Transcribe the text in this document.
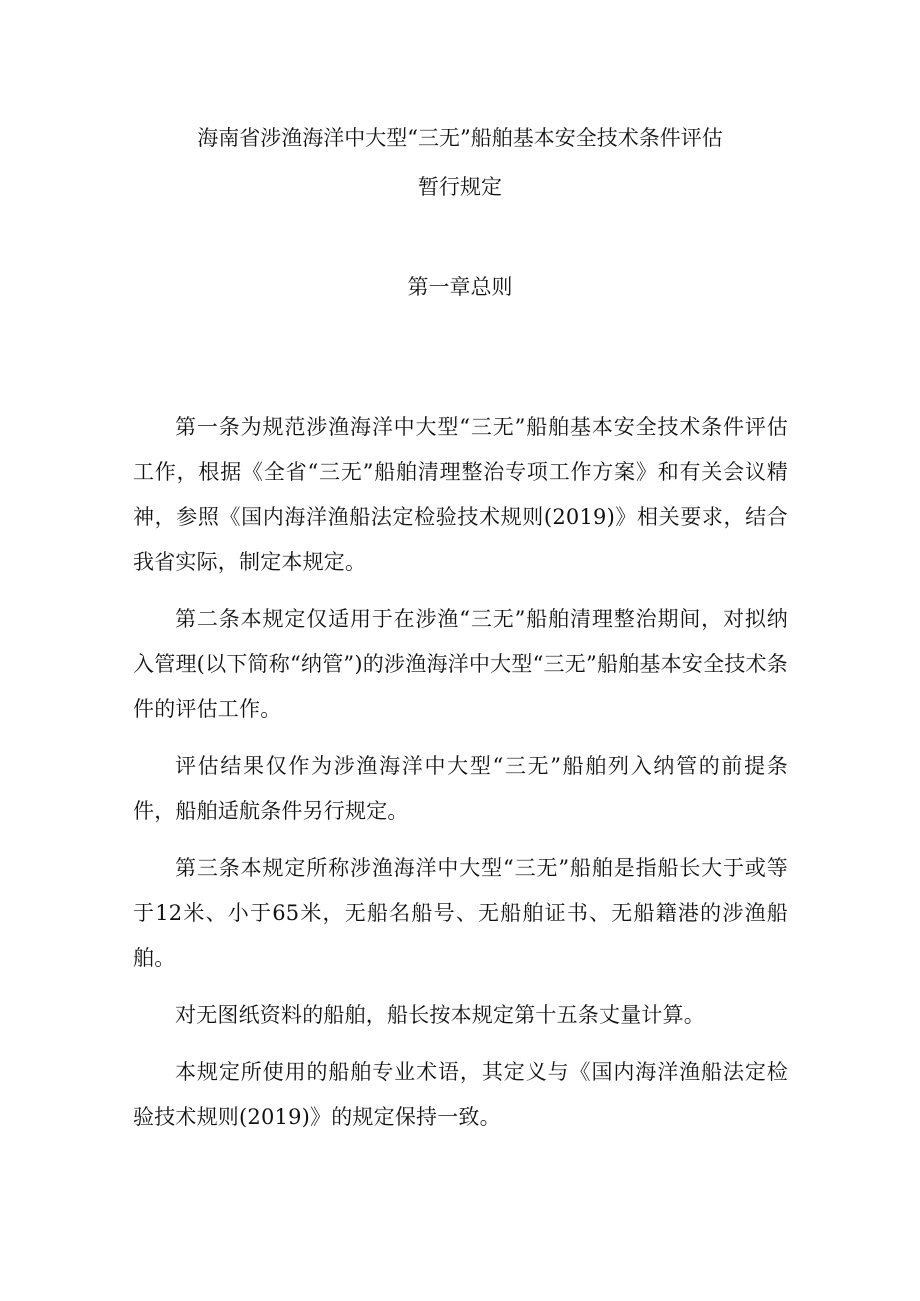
海南省涉渔海洋中大型“三无”船舶基本安全技术条件评估
暂行规定
第一章总则

第一条为规范涉渔海洋中大型“三无”船舶基本安全技术条件评估工作，根据《全省“三无”船舶清理整治专项工作方案》和有关会议精神，参照《国内海洋渔船法定检验技术规则(2019)》相关要求，结合我省实际，制定本规定。

第二条本规定仅适用于在涉渔“三无”船舶清理整治期间，对拟纳入管理(以下简称“纳管”)的涉渔海洋中大型“三无”船舶基本安全技术条件的评估工作。

评估结果仅作为涉渔海洋中大型“三无”船舶列入纳管的前提条件，船舶适航条件另行规定。

第三条本规定所称涉渔海洋中大型“三无”船舶是指船长大于或等于12米、小于65米，无船名船号、无船舶证书、无船籍港的涉渔船舶。

对无图纸资料的船舶，船长按本规定第十五条丈量计算。

本规定所使用的船舶专业术语，其定义与《国内海洋渔船法定检验技术规则(2019)》的规定保持一致。
